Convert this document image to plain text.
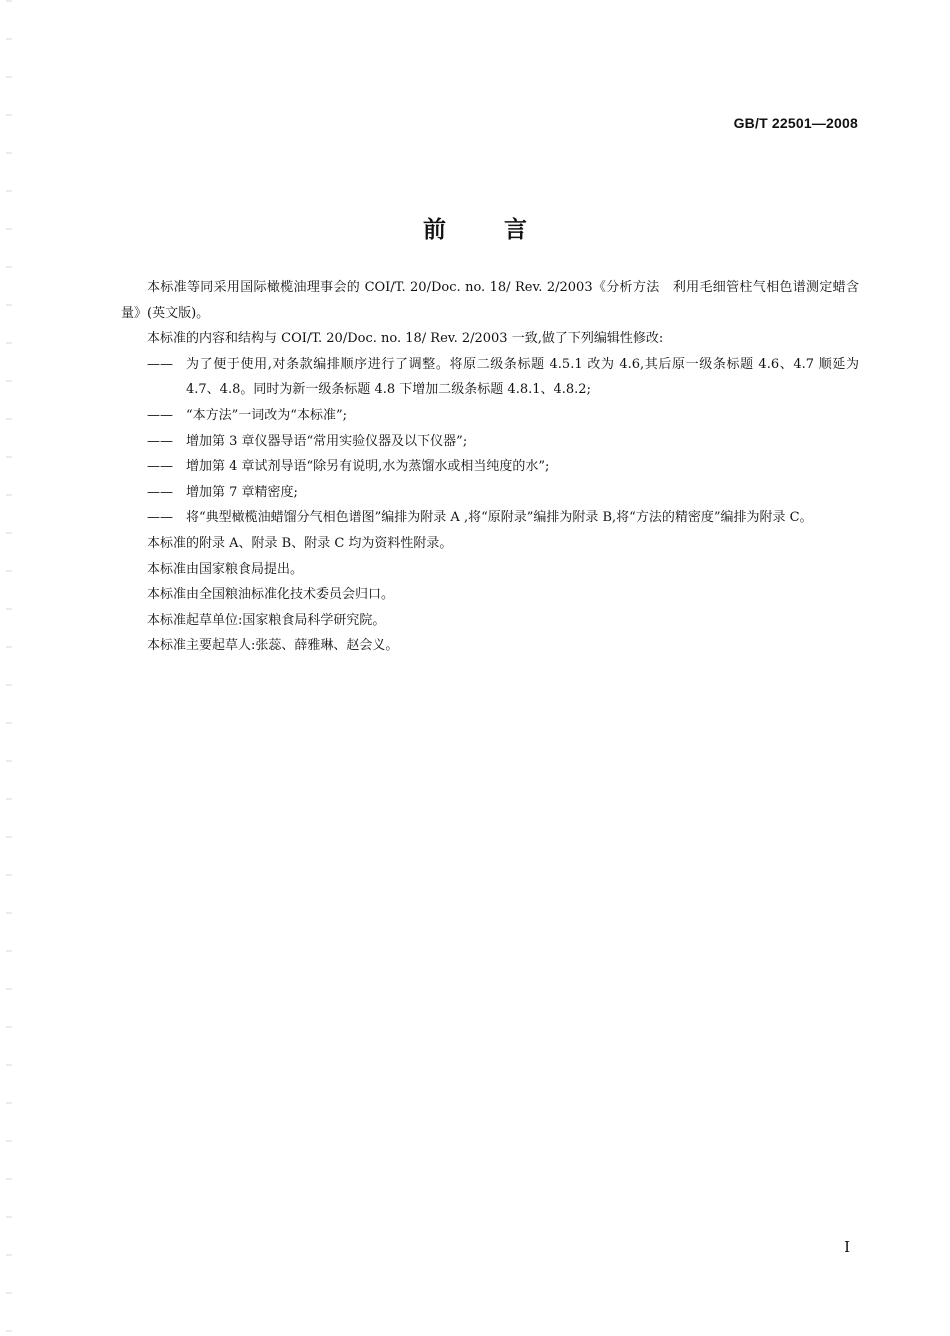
GB/T 22501—2008
前言

本标准等同采用国际橄榄油理事会的 COI/T. 20/Doc. no. 18/ Rev. 2/2003《分析方法　利用毛细管柱气相色谱测定蜡含量》(英文版)。

本标准的内容和结构与 COI/T. 20/Doc. no. 18/ Rev. 2/2003 一致,做了下列编辑性修改:

——	为了便于使用,对条款编排顺序进行了调整。将原二级条标题 4.5.1 改为 4.6,其后原一级条标题 4.6、4.7 顺延为 4.7、4.8。同时为新一级条标题 4.8 下增加二级条标题 4.8.1、4.8.2;
——	“本方法”一词改为“本标准”;
——	增加第 3 章仪器导语“常用实验仪器及以下仪器”;
——	增加第 4 章试剂导语“除另有说明,水为蒸馏水或相当纯度的水”;
——	增加第 7 章精密度;
——	将“典型橄榄油蜡馏分气相色谱图”编排为附录 A ,将“原附录”编排为附录 B,将“方法的精密度”编排为附录 C。

本标准的附录 A、附录 B、附录 C 均为资料性附录。

本标准由国家粮食局提出。

本标准由全国粮油标准化技术委员会归口。

本标准起草单位:国家粮食局科学研究院。

本标准主要起草人:张蕊、薛雅琳、赵会义。

I
